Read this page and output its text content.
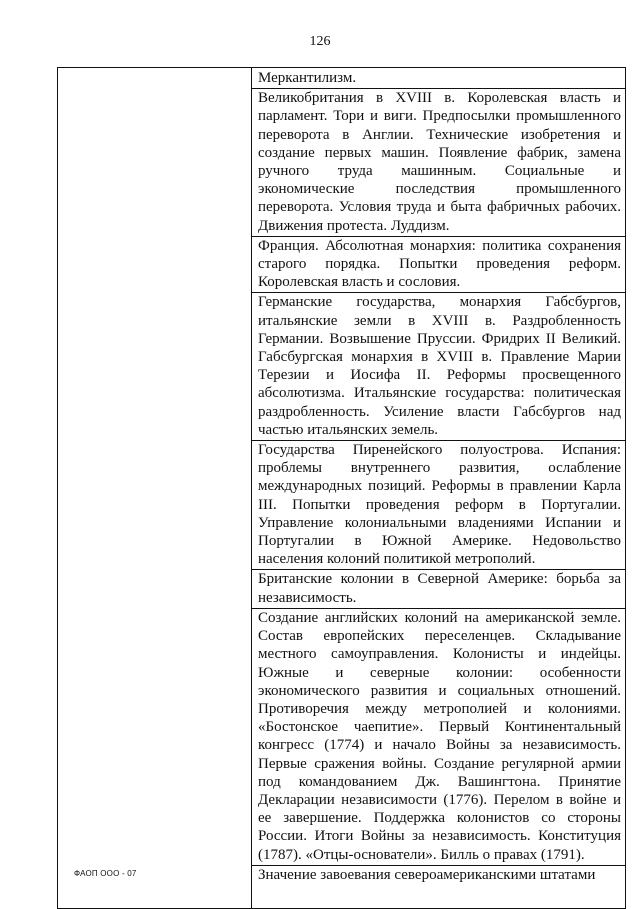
126
Меркантилизм.
Великобритания в XVIII в. Королевская власть и парламент. Тори и виги. Предпосылки промышленного переворота в Англии. Технические изобретения и создание первых машин. Появление фабрик, замена ручного труда машинным. Социальные и экономические последствия промышленного переворота. Условия труда и быта фабричных рабочих. Движения протеста. Луддизм.
Франция. Абсолютная монархия: политика сохранения старого порядка. Попытки проведения реформ. Королевская власть и сословия.
Германские государства, монархия Габсбургов, итальянские земли в XVIII в. Раздробленность Германии. Возвышение Пруссии. Фридрих II Великий. Габсбургская монархия в XVIII в. Правление Марии Терезии и Иосифа II. Реформы просвещенного абсолютизма. Итальянские государства: политическая раздробленность. Усиление власти Габсбургов над частью итальянских земель.
Государства Пиренейского полуострова. Испания: проблемы внутреннего развития, ослабление международных позиций. Реформы в правлении Карла III. Попытки проведения реформ в Португалии. Управление колониальными владениями Испании и Португалии в Южной Америке. Недовольство населения колоний политикой метрополий.
Британские колонии в Северной Америке: борьба за независимость.
Создание английских колоний на американской земле. Состав европейских переселенцев. Складывание местного самоуправления. Колонисты и индейцы. Южные и северные колонии: особенности экономического развития и социальных отношений. Противоречия между метрополией и колониями. «Бостонское чаепитие». Первый Континентальный конгресс (1774) и начало Войны за независимость. Первые сражения войны. Создание регулярной армии под командованием Дж. Вашингтона. Принятие Декларации независимости (1776). Перелом в войне и ее завершение. Поддержка колонистов со стороны России. Итоги Войны за независимость. Конституция (1787). «Отцы-основатели». Билль о правах (1791).
Значение завоевания североамериканскими штатами
ФАОП ООО - 07
